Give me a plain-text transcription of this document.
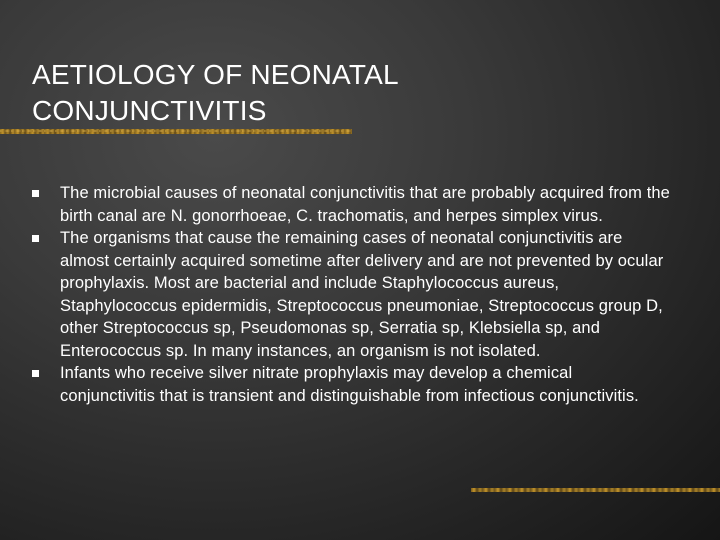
AETIOLOGY OF NEONATAL
CONJUNCTIVITIS
The microbial causes of neonatal conjunctivitis that are probably acquired from the birth canal are N. gonorrhoeae, C. trachomatis, and herpes simplex virus.
The organisms that cause the remaining cases of neonatal conjunctivitis are almost certainly acquired sometime after delivery and are not prevented by ocular prophylaxis. Most are bacterial and include Staphylococcus aureus, Staphylococcus epidermidis, Streptococcus pneumoniae, Streptococcus group D, other Streptococcus sp, Pseudomonas sp, Serratia sp, Klebsiella sp, and Enterococcus sp. In many instances, an organism is not isolated.
Infants who receive silver nitrate prophylaxis may develop a chemical conjunctivitis that is transient and distinguishable from infectious conjunctivitis.
